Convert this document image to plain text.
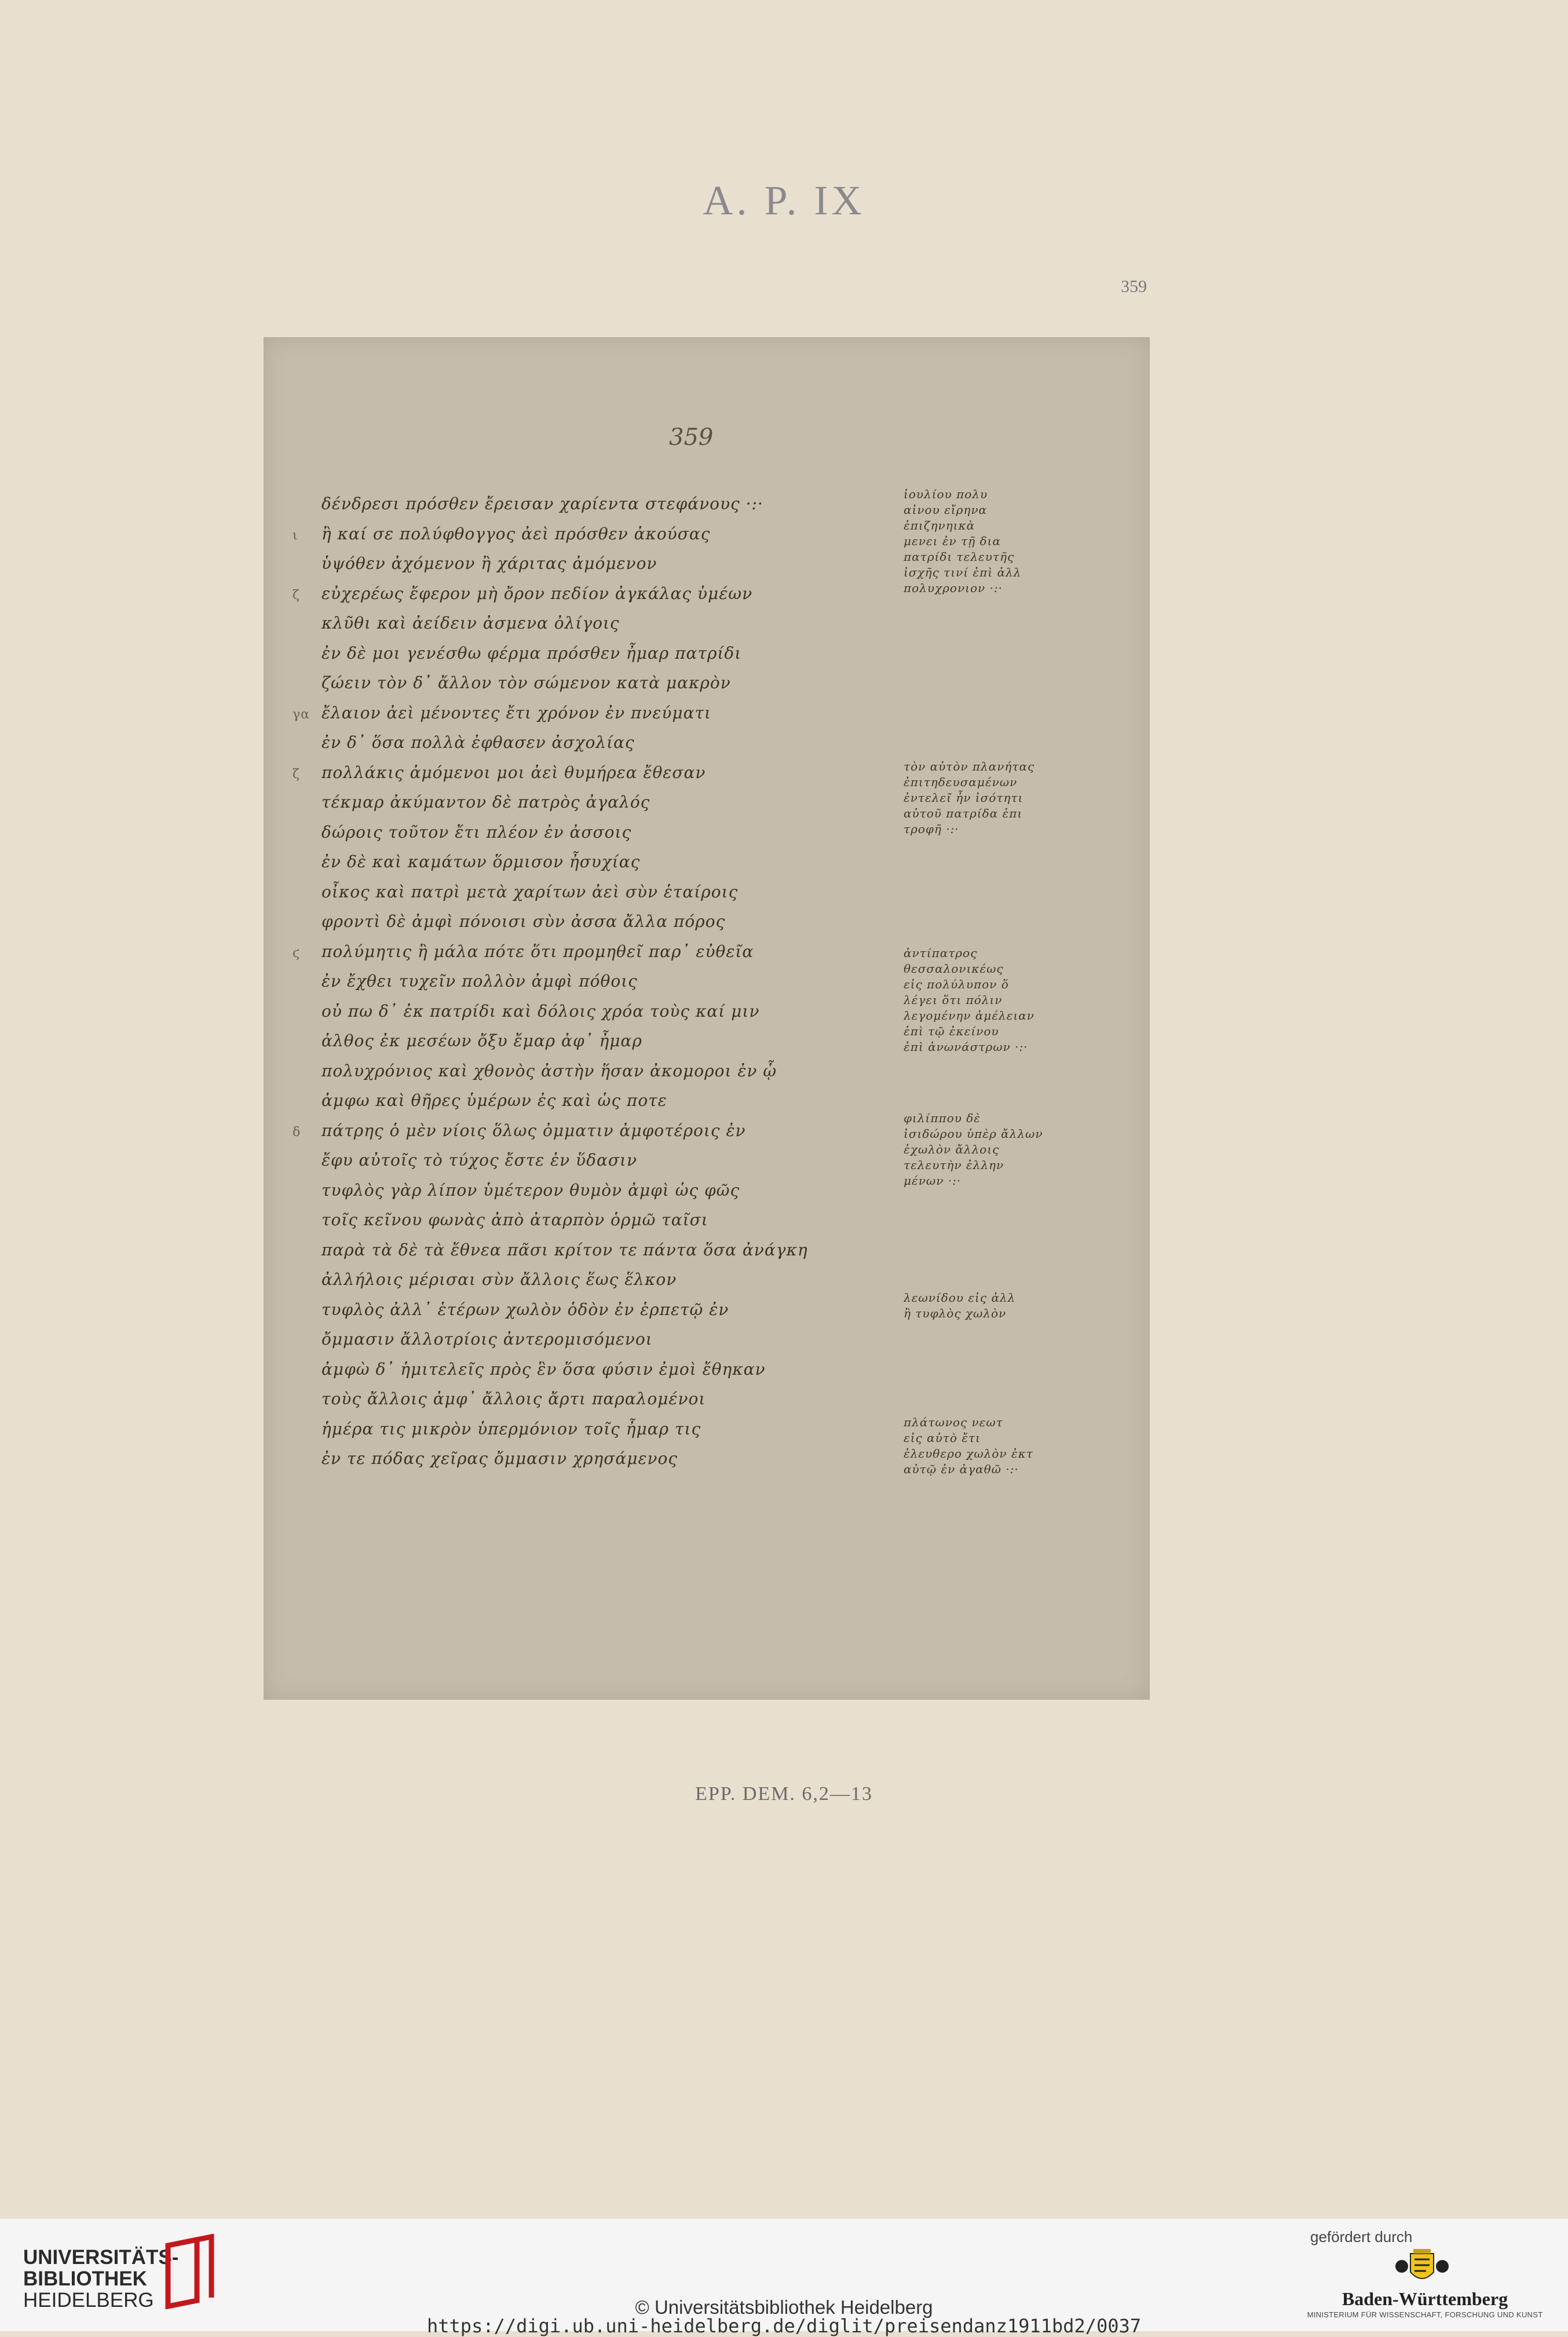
A. P. IX
359
359
δένδρεσι πρόσθεν ἔρεισαν χαρίεντα στεφάνους ·:·
ι ἢ καί σε πολύφθογγος ἀεὶ πρόσθεν ἀκούσας
ὑψόθεν ἀχόμενον ἢ χάριτας ἀμόμενον
ζ εὐχερέως ἔφερον μὴ ὄρον πεδίον ἀγκάλας ὑμέων
κλῦθι καὶ ἀείδειν ἀσμενα ὀλίγοις
ἐν δὲ μοι γενέσθω φέρμα πρόσθεν ἦμαρ πατρίδι
ζώειν τὸν δ᾽ ἄλλον τὸν σώμενον κατὰ μακρὸν
γα ἔλαιον ἀεὶ μένοντες ἔτι χρόνον ἐν πνεύματι
ἐν δ᾽ ὅσα πολλὰ ἐφθασεν ἀσχολίας
ζ πολλάκις ἀμόμενοι μοι ἀεὶ θυμήρεα ἔθεσαν
τέκμαρ ἀκύμαντον δὲ πατρὸς ἀγαλός
δώροις τοῦτον ἔτι πλέον ἐν ἀσσοις
ἐν δὲ καὶ καμάτων ὅρμισον ἦσυχίας
οἶκος καὶ πατρὶ μετὰ χαρίτων ἀεὶ σὺν ἑταίροις
φροντὶ δὲ ἀμφὶ πόνοισι σὺν ἀσσα ἄλλα πόρος
ϛ πολύμητις ἢ μάλα πότε ὅτι προμηθεῖ παρ᾽ εὐθεῖα
ἐν ἔχθει τυχεῖν πολλὸν ἀμφὶ πόθοις
οὐ πω δ᾽ ἐκ πατρίδι καὶ δόλοις χρόα τοὺς καί μιν
ἀλθος ἐκ μεσέων ὄξυ ἔμαρ ἀφ᾽ ἦμαρ
πολυχρόνιος καὶ χθονὸς ἀστὴν ἥσαν ἀκομοροι ἐν ᾧ
ἀμφω καὶ θῆρες ὑμέρων ἐς καὶ ὡς ποτε
δ πάτρης ὁ μὲν νίοις ὅλως ὀμματιν ἀμφοτέροις ἐν
ἔφυ αὐτοῖς τὸ τύχος ἔστε ἐν ὕδασιν
τυφλὸς γὰρ λίπον ὑμέτερον θυμὸν ἀμφὶ ὡς φῶς
τοῖς κεῖνου φωνὰς ἀπὸ ἀταρπὸν ὁρμῶ ταῖσι
παρὰ τὰ δὲ τὰ ἔθνεα πᾶσι κρίτον τε πάντα ὅσα ἀνάγκη
ἀλλήλοις μέρισαι σὺν ἄλλοις ἕως ἕλκον
τυφλὸς ἀλλ᾽ ἑτέρων χωλὸν ὁδὸν ἐν ἑρπετῷ ἐν
ὄμμασιν ἄλλοτρίοις ἀντερομισόμενοι
ἀμφὼ δ᾽ ἡμιτελεῖς πρὸς ἓν ὅσα φύσιν ἐμοὶ ἔθηκαν
τοὺς ἄλλοις ἀμφ᾽ ἄλλοις ἄρτι παραλομένοι
ἡμέρα τις μικρὸν ὑπερμόνιον τοῖς ἦμαρ τις
ἐν τε πόδας χεῖρας ὄμμασιν χρησάμενος
ἰουλίου πολυ
αἰνου εἴρηνα
ἐπιζηνηικὰ
μενει ἐν τῇ δια
πατρίδι τελευτῆς
ἰσχῆς τινί ἐπὶ ἀλλ
πολυχρονιον ·:·
τὸν αὐτὸν πλανήτας
ἐπιτηδευσαμένων
ἐντελεῖ ἦν ἰσότητι
αὐτοῦ πατρίδα ἐπι
τροφῆ ·:·
ἀντίπατρος
θεσσαλονικέως
εἰς πολύλυπον ὅ
λέγει ὅτι πόλιν
λεγομένην ἀμέλειαν
ἐπὶ τῷ ἐκείνου
ἐπὶ ἀνωνάστρων ·:·
φιλίππου δὲ
ἰσιδώρου ὑπὲρ ἄλλων
ἐχωλὸν ἄλλοις
τελευτὴν ἐλλην
μένων ·:·
λεωνίδου εἰς ἀλλ
ἢ τυφλὸς χωλὸν
πλάτωνος νεωτ
εἰς αὐτὸ ἔτι
ἐλευθερο χωλὸν ἐκτ
αὐτῷ ἐν ἀγαθῶ ·:·
EPP. DEM. 6,2—13
UNIVERSITÄTS-
BIBLIOTHEK
HEIDELBERG	© Universitätsbibliothek Heidelberg
https://digi.ub.uni-heidelberg.de/diglit/preisendanz1911bd2/0037
gefördert durch
Baden-Württemberg
MINISTERIUM FÜR WISSENSCHAFT, FORSCHUNG UND KUNST
